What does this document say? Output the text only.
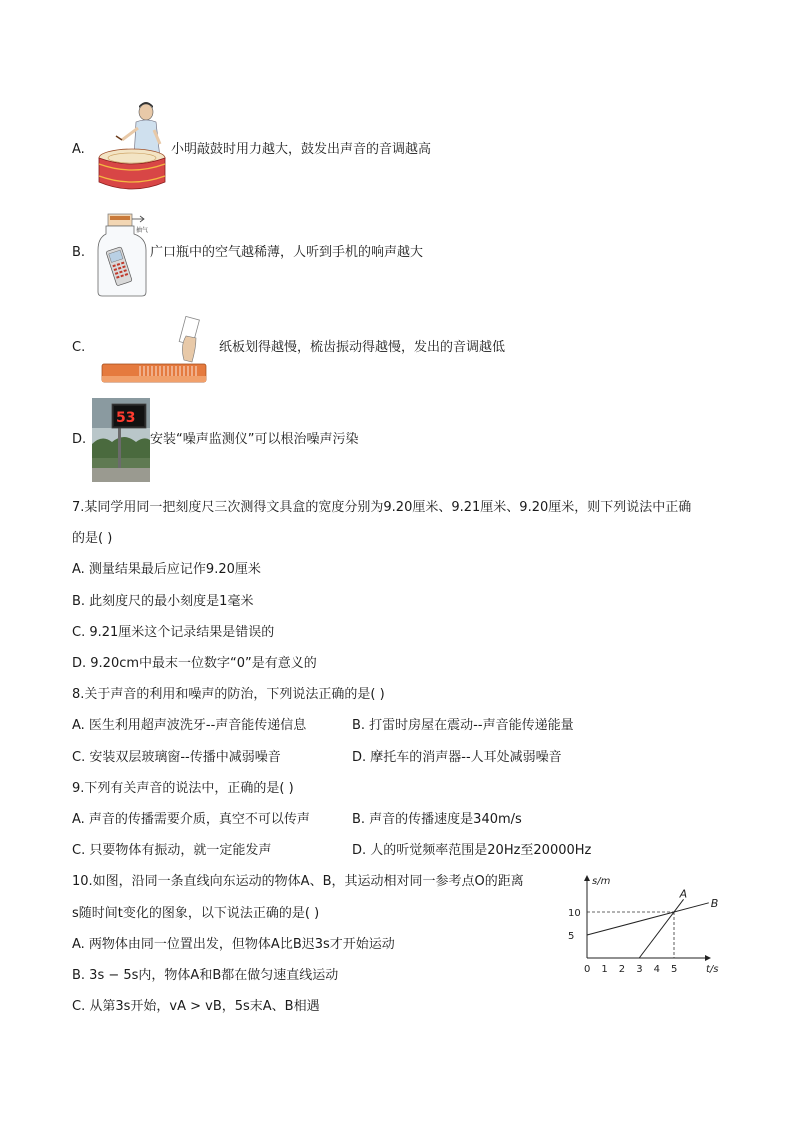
A.	小明敲鼓时用力越大，鼓发出声音的音调越高
B.
抽气
广口瓶中的空气越稀薄，人听到手机的响声越大
C.	纸板划得越慢，梳齿振动得越慢，发出的音调越低
D.
53
安装“噪声监测仪”可以根治噪声污染
7.某同学用同一把刻度尺三次测得文具盒的宽度分别为9.20厘米、9.21厘米、9.20厘米，则下列说法中正确
的是( )
A. 测量结果最后应记作9.20厘米
B. 此刻度尺的最小刻度是1毫米
C. 9.21厘米这个记录结果是错误的
D. 9.20cm中最末一位数字“0”是有意义的
8.关于声音的利用和噪声的防治，下列说法正确的是( )
A. 医生利用超声波洗牙--声音能传递信息	B. 打雷时房屋在震动--声音能传递能量
C. 安装双层玻璃窗--传播中减弱噪音	D. 摩托车的消声器--人耳处减弱噪音
9.下列有关声音的说法中，正确的是( )
A. 声音的传播需要介质，真空不可以传声	B. 声音的传播速度是340m/s
C. 只要物体有振动，就一定能发声	D. 人的听觉频率范围是20Hz至20000Hz
10.如图，沿同一条直线向东运动的物体A、B，其运动相对同一参考点O的距离
s随时间t变化的图象，以下说法正确的是( )
A. 两物体由同一位置出发，但物体A比B迟3s才开始运动
B. 3s − 5s内，物体A和B都在做匀速直线运动
C. 从第3s开始，vA > vB，5s末A、B相遇
s/m
t/s
0 1 2 3 4 5
10
5
A
B
